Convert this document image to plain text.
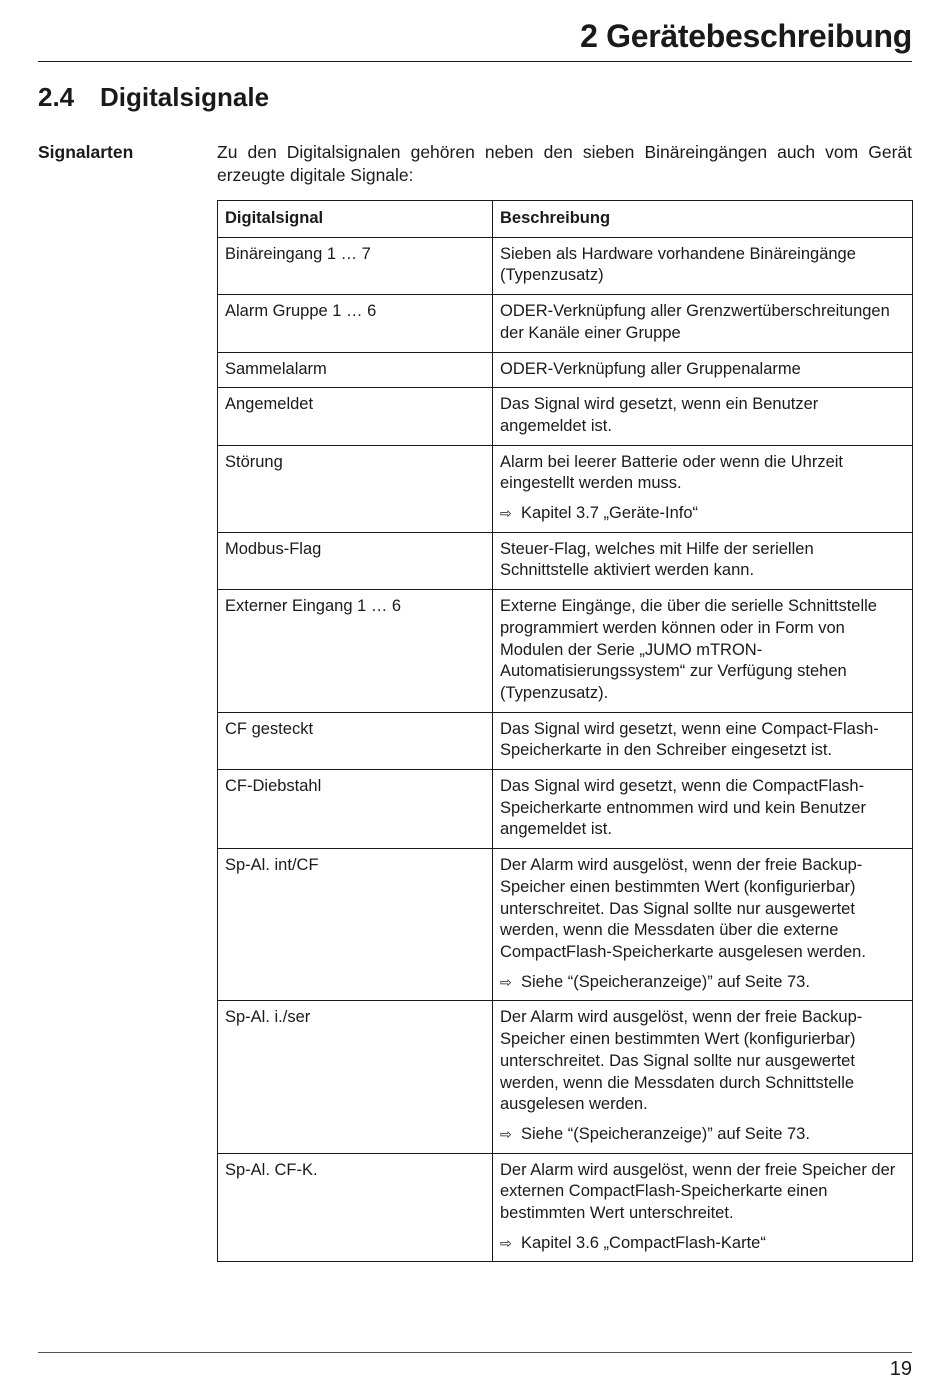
2 Gerätebeschreibung
2.4 Digitalsignale
Signalarten	Zu den Digitalsignalen gehören neben den sieben Binäreingängen auch vom Gerät erzeugte digitale Signale:

Digitalsignal	Beschreibung
Binäreingang 1 … 7	Sieben als Hardware vorhandene Binäreingänge (Typenzusatz)
Alarm Gruppe 1 … 6	ODER-Verknüpfung aller Grenzwertüberschreitungen der Kanäle einer Gruppe
Sammelalarm	ODER-Verknüpfung aller Gruppenalarme
Angemeldet	Das Signal wird gesetzt, wenn ein Benutzer angemeldet ist.
Störung	Alarm bei leerer Batterie oder wenn die Uhrzeit eingestellt werden muss.
⇨ Kapitel 3.7 „Geräte-Info“

Modbus-Flag	Steuer-Flag, welches mit Hilfe der seriellen Schnittstelle aktiviert werden kann.
Externer Eingang 1 … 6	Externe Eingänge, die über die serielle Schnittstelle programmiert werden können oder in Form von Modulen der Serie „JUMO mTRON-Automatisierungssystem“ zur Verfügung stehen (Typenzusatz).
CF gesteckt	Das Signal wird gesetzt, wenn eine Compact-Flash-Speicherkarte in den Schreiber eingesetzt ist.
CF-Diebstahl	Das Signal wird gesetzt, wenn die CompactFlash-Speicherkarte entnommen wird und kein Benutzer angemeldet ist.
Sp-Al. int/CF	Der Alarm wird ausgelöst, wenn der freie Backup-Speicher einen bestimmten Wert (konfigurierbar) unterschreitet. Das Signal sollte nur ausgewertet werden, wenn die Messdaten über die externe CompactFlash-Speicherkarte ausgelesen werden.
⇨ Siehe “(Speicheranzeige)” auf Seite 73.

Sp-Al. i./ser	Der Alarm wird ausgelöst, wenn der freie Backup-Speicher einen bestimmten Wert (konfigurierbar) unterschreitet. Das Signal sollte nur ausgewertet werden, wenn die Messdaten durch Schnittstelle ausgelesen werden.
⇨ Siehe “(Speicheranzeige)” auf Seite 73.

Sp-Al. CF-K.	Der Alarm wird ausgelöst, wenn der freie Speicher der externen CompactFlash-Speicherkarte einen bestimmten Wert unterschreitet.
⇨ Kapitel 3.6 „CompactFlash-Karte“
19
